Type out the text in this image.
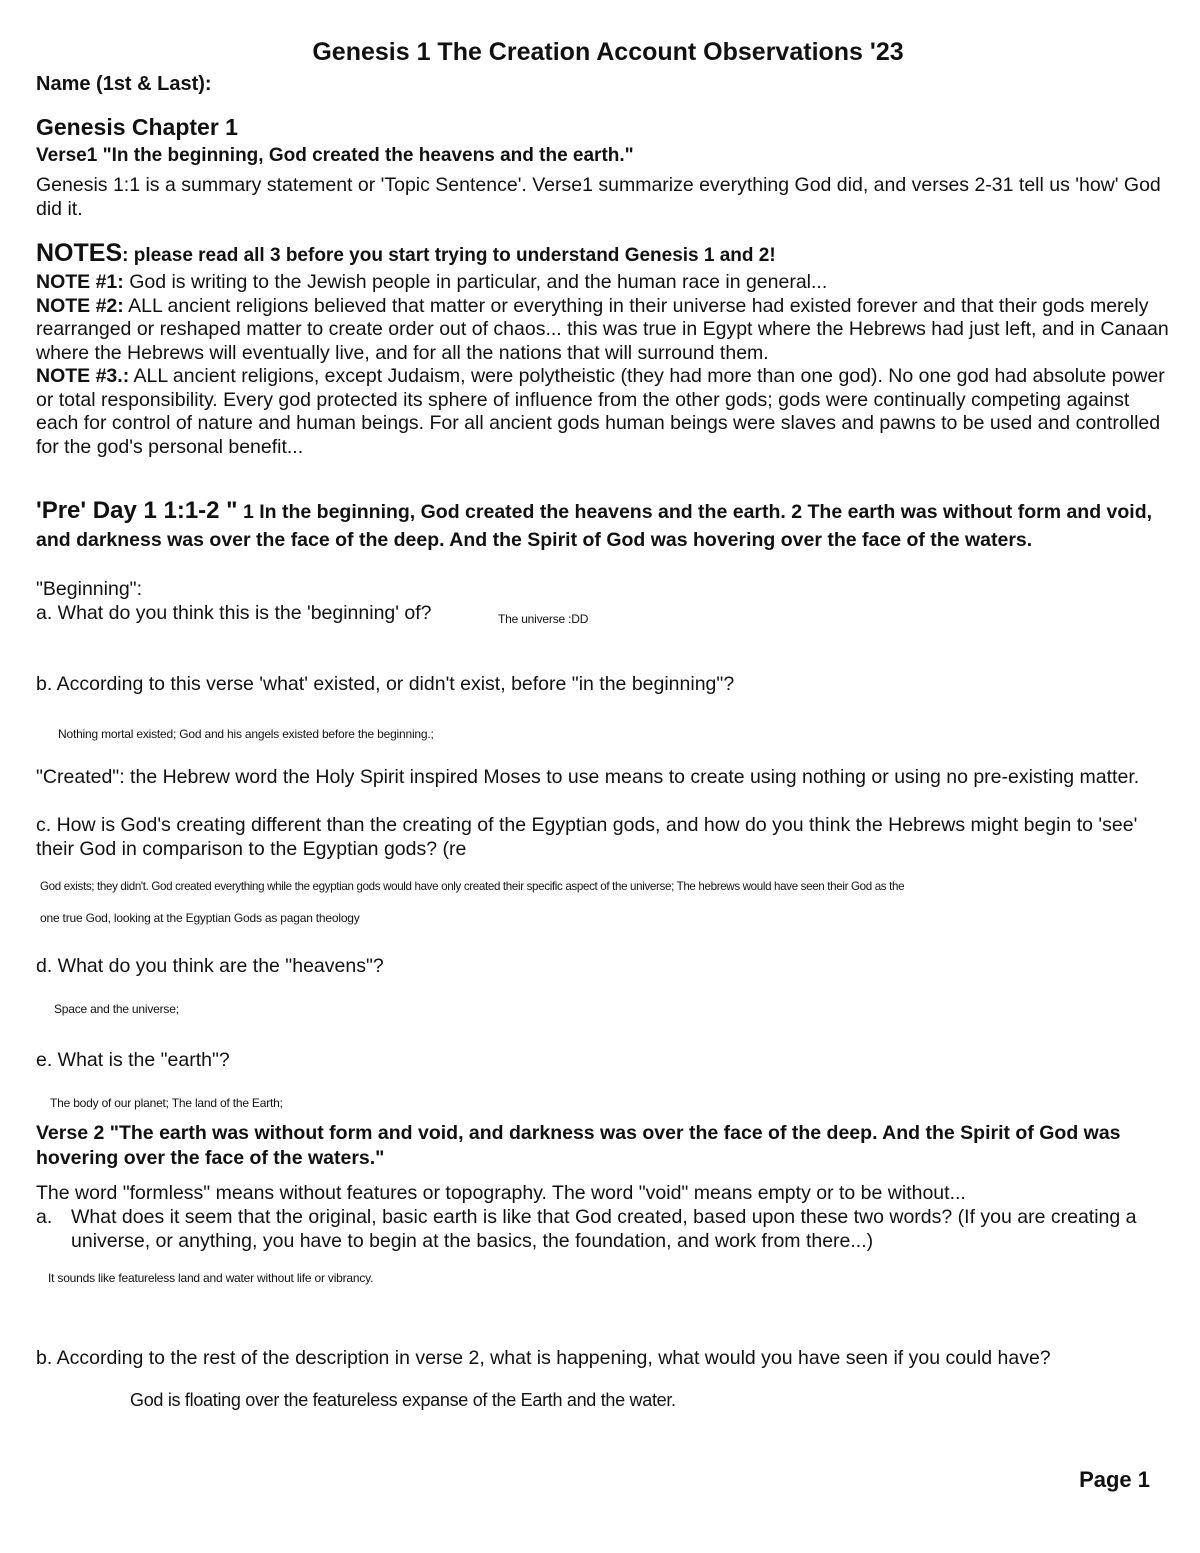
Genesis 1 The Creation Account Observations '23
Name (1st & Last):
Genesis Chapter 1
Verse1 "In the beginning, God created the heavens and the earth."
Genesis 1:1 is a summary statement or 'Topic Sentence'. Verse1 summarize everything God did, and verses 2-31 tell us 'how' God did it.
NOTES: please read all 3 before you start trying to understand Genesis 1 and 2!
NOTE #1: God is writing to the Jewish people in particular, and the human race in general...
NOTE #2: ALL ancient religions believed that matter or everything in their universe had existed forever and that their gods merely rearranged or reshaped matter to create order out of chaos... this was true in Egypt where the Hebrews had just left, and in Canaan where the Hebrews will eventually live, and for all the nations that will surround them.
NOTE #3.: ALL ancient religions, except Judaism, were polytheistic (they had more than one god). No one god had absolute power or total responsibility. Every god protected its sphere of influence from the other gods; gods were continually competing against each for control of nature and human beings. For all ancient gods human beings were slaves and pawns to be used and controlled for the god's personal benefit...
'Pre' Day 1 1:1-2 " 1 In the beginning, God created the heavens and the earth. 2 The earth was without form and void, and darkness was over the face of the deep. And the Spirit of God was hovering over the face of the waters.
"Beginning":
a. What do you think this is the 'beginning' of?	The universe :DD
b. According to this verse 'what' existed, or didn't exist, before "in the beginning"?
Nothing mortal existed; God and his angels existed before the beginning.;
"Created": the Hebrew word the Holy Spirit inspired Moses to use means to create using nothing or using no pre-existing matter.
c. How is God's creating different than the creating of the Egyptian gods, and how do you think the Hebrews might begin to 'see' their God in comparison to the Egyptian gods? (re
God exists; they didn't. God created everything while the egyptian gods would have only created their specific aspect of the universe; The hebrews would have seen their God as the
one true God, looking at the Egyptian Gods as pagan theology
d. What do you think are the "heavens"?
Space and the universe;
e. What is the "earth"?
The body of our planet; The land of the Earth;
Verse 2 "The earth was without form and void, and darkness was over the face of the deep. And the Spirit of God was hovering over the face of the waters."
The word "formless" means without features or topography. The word "void" means empty or to be without...
a. What does it seem that the original, basic earth is like that God created, based upon these two words? (If you are creating a universe, or anything, you have to begin at the basics, the foundation, and work from there...)
It sounds like featureless land and water without life or vibrancy.
b. According to the rest of the description in verse 2, what is happening, what would you have seen if you could have?
God is floating over the featureless expanse of the Earth and the water.
Page 1
